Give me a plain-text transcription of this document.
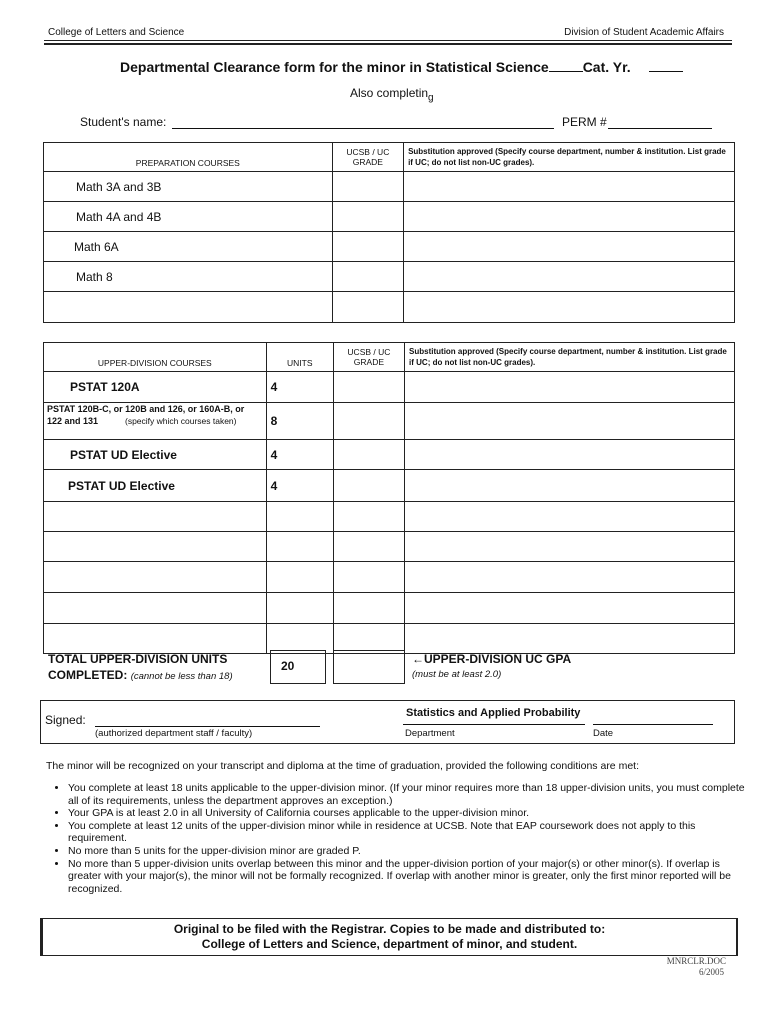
College of Letters and Science	Division of Student Academic Affairs
Departmental Clearance form for the minor in Statistical Science Cat. Yr.
Also completin$_g$
Student's name:	PERM #
PREPARATION COURSES	UCSB / UC GRADE	Substitution approved (Specify course department, number & institution. List grade if UC; do not list non-UC grades).

Math 3A and 3B		
Math 4A and 4B		
Math 6A		
Math 8		

UPPER-DIVISION COURSES	UNITS	UCSB / UC GRADE	Substitution approved (Specify course department, number & institution. List grade if UC; do not list non-UC grades).

PSTAT 120A	4		

PSTAT 120B-C, or 120B and 126, or 160A-B, or 122 and 131 (specify which courses taken)	8		
PSTAT UD Elective	4		
PSTAT UD Elective	4		

TOTAL UPPER-DIVISION UNITS
COMPLETED: (cannot be less than 18)
20	←UPPER-DIVISION UC GPA
(must be at least 2.0)
Signed:
(authorized department staff / faculty)
Statistics and Applied Probability
Department	Date
The minor will be recognized on your transcript and diploma at the time of graduation, provided the following conditions are met:
• You complete at least 18 units applicable to the upper-division minor. (If your minor requires more than 18 upper-division units, you must complete all of its requirements, unless the department approves an exception.)
• Your GPA is at least 2.0 in all University of California courses applicable to the upper-division minor.
• You complete at least 12 units of the upper-division minor while in residence at UCSB. Note that EAP coursework does not apply to this requirement.
• No more than 5 units for the upper-division minor are graded P.
• No more than 5 upper-division units overlap between this minor and the upper-division portion of your major(s) or other minor(s). If overlap is greater with your major(s), the minor will not be formally recognized. If overlap with another minor is greater, only the first minor reported will be recognized.
Original to be filed with the Registrar. Copies to be made and distributed to:
College of Letters and Science, department of minor, and student.
MNRCLR.DOC
6/2005
